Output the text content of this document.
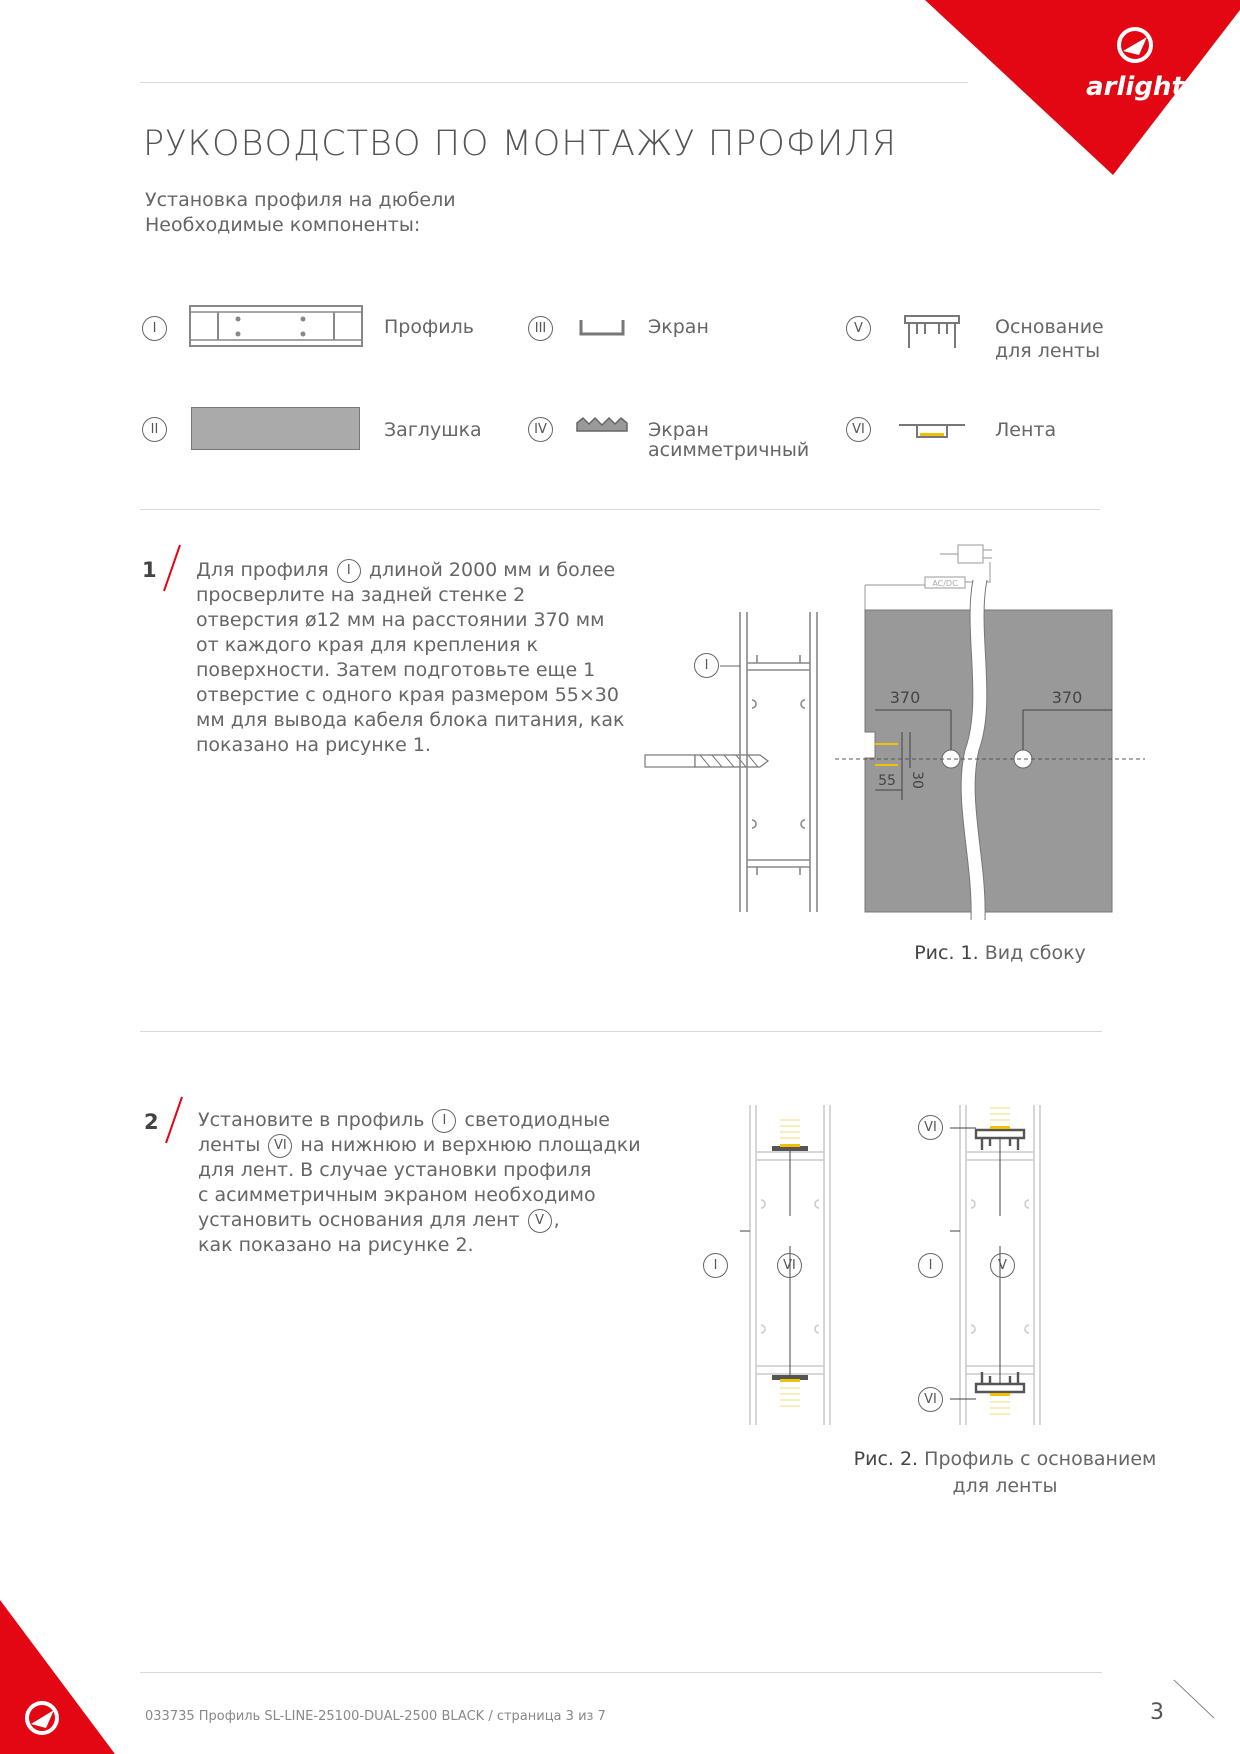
arlight
РУКОВОДСТВО ПО МОНТАЖУ ПРОФИЛЯ
Установка профиля на дюбели
Необходимые компоненты:
I	Профиль
II	Заглушка
III	Экран
IV	Экран
асимметричный
V	Основание
для ленты
VI	Лента
1 Для профиля I длиной 2000 мм и более просверлите на задней стенке 2 отверстия ø12 мм на расстоянии 370 мм от каждого края для крепления к поверхности. Затем подготовьте еще 1 отверстие с одного края размером 55×30 мм для вывода кабеля блока питания, как показано на рисунке 1.
I
AC/DC
370	370
55 30
Рис. 1. Вид сбоку
2 Установите в профиль I светодиодные
ленты VI на нижнюю и верхнюю площадки
для лент. В случае установки профиля
с асимметричным экраном необходимо
установить основания для лент V ,
как показано на рисунке 2.
I	VI
VI
I	V
VI
Рис. 2. Профиль с основанием
для ленты
033735 Профиль SL-LINE-25100-DUAL-2500 BLACK / страница 3 из 7	3
